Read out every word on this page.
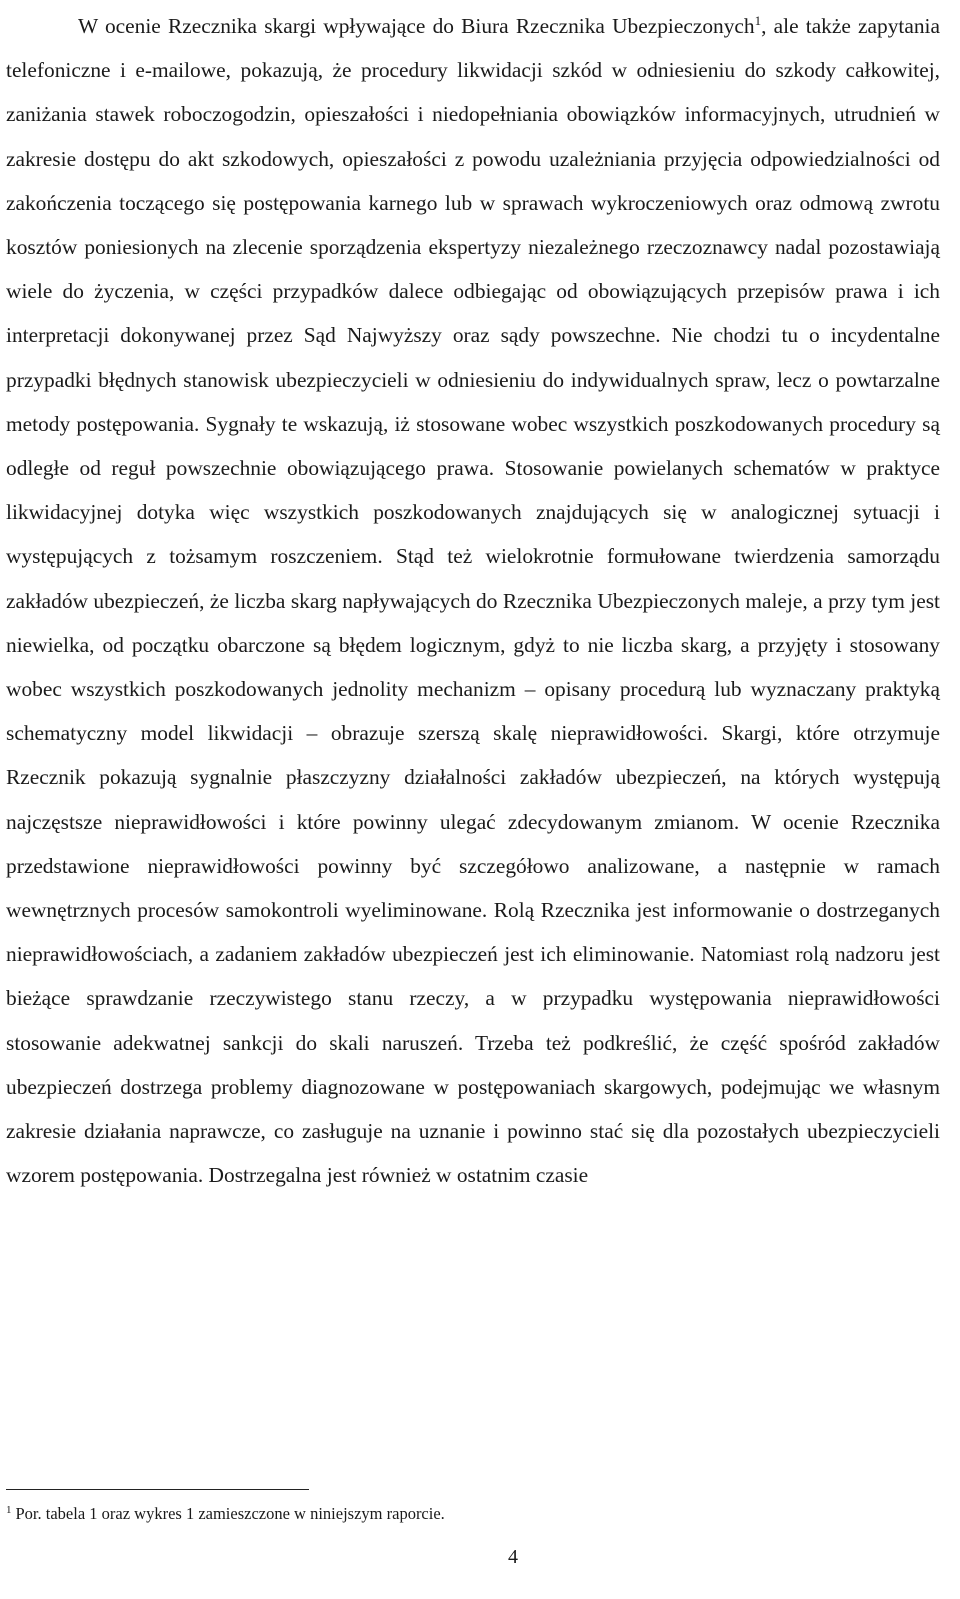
W ocenie Rzecznika skargi wpływające do Biura Rzecznika Ubezpieczonych$^1$, ale także zapytania telefoniczne i e-mailowe, pokazują, że procedury likwidacji szkód w odniesieniu do szkody całkowitej, zaniżania stawek roboczogodzin, opieszałości i niedopełniania obowiązków informacyjnych, utrudnień w zakresie dostępu do akt szkodowych, opieszałości z powodu uzależniania przyjęcia odpowiedzialności od zakończenia toczącego się postępowania karnego lub w sprawach wykroczeniowych oraz odmową zwrotu kosztów poniesionych na zlecenie sporządzenia ekspertyzy niezależnego rzeczoznawcy nadal pozostawiają wiele do życzenia, w części przypadków dalece odbiegając od obowiązujących przepisów prawa i ich interpretacji dokonywanej przez Sąd Najwyższy oraz sądy powszechne. Nie chodzi tu o incydentalne przypadki błędnych stanowisk ubezpieczycieli w odniesieniu do indywidualnych spraw, lecz o powtarzalne metody postępowania. Sygnały te wskazują, iż stosowane wobec wszystkich poszkodowanych procedury są odległe od reguł powszechnie obowiązującego prawa. Stosowanie powielanych schematów w praktyce likwidacyjnej dotyka więc wszystkich poszkodowanych znajdujących się w analogicznej sytuacji i występujących z tożsamym roszczeniem. Stąd też wielokrotnie formułowane twierdzenia samorządu zakładów ubezpieczeń, że liczba skarg napływających do Rzecznika Ubezpieczonych maleje, a przy tym jest niewielka, od początku obarczone są błędem logicznym, gdyż to nie liczba skarg, a przyjęty i stosowany wobec wszystkich poszkodowanych jednolity mechanizm – opisany procedurą lub wyznaczany praktyką schematyczny model likwidacji – obrazuje szerszą skalę nieprawidłowości. Skargi, które otrzymuje Rzecznik pokazują sygnalnie płaszczyzny działalności zakładów ubezpieczeń, na których występują najczęstsze nieprawidłowości i które powinny ulegać zdecydowanym zmianom. W ocenie Rzecznika przedstawione nieprawidłowości powinny być szczegółowo analizowane, a następnie w ramach wewnętrznych procesów samokontroli wyeliminowane. Rolą Rzecznika jest informowanie o dostrzeganych nieprawidłowościach, a zadaniem zakładów ubezpieczeń jest ich eliminowanie. Natomiast rolą nadzoru jest bieżące sprawdzanie rzeczywistego stanu rzeczy, a w przypadku występowania nieprawidłowości stosowanie adekwatnej sankcji do skali naruszeń. Trzeba też podkreślić, że część spośród zakładów ubezpieczeń dostrzega problemy diagnozowane w postępowaniach skargowych, podejmując we własnym zakresie działania naprawcze, co zasługuje na uznanie i powinno stać się dla pozostałych ubezpieczycieli wzorem postępowania. Dostrzegalna jest również w ostatnim czasie

$^1$ Por. tabela 1 oraz wykres 1 zamieszczone w niniejszym raporcie.

4
